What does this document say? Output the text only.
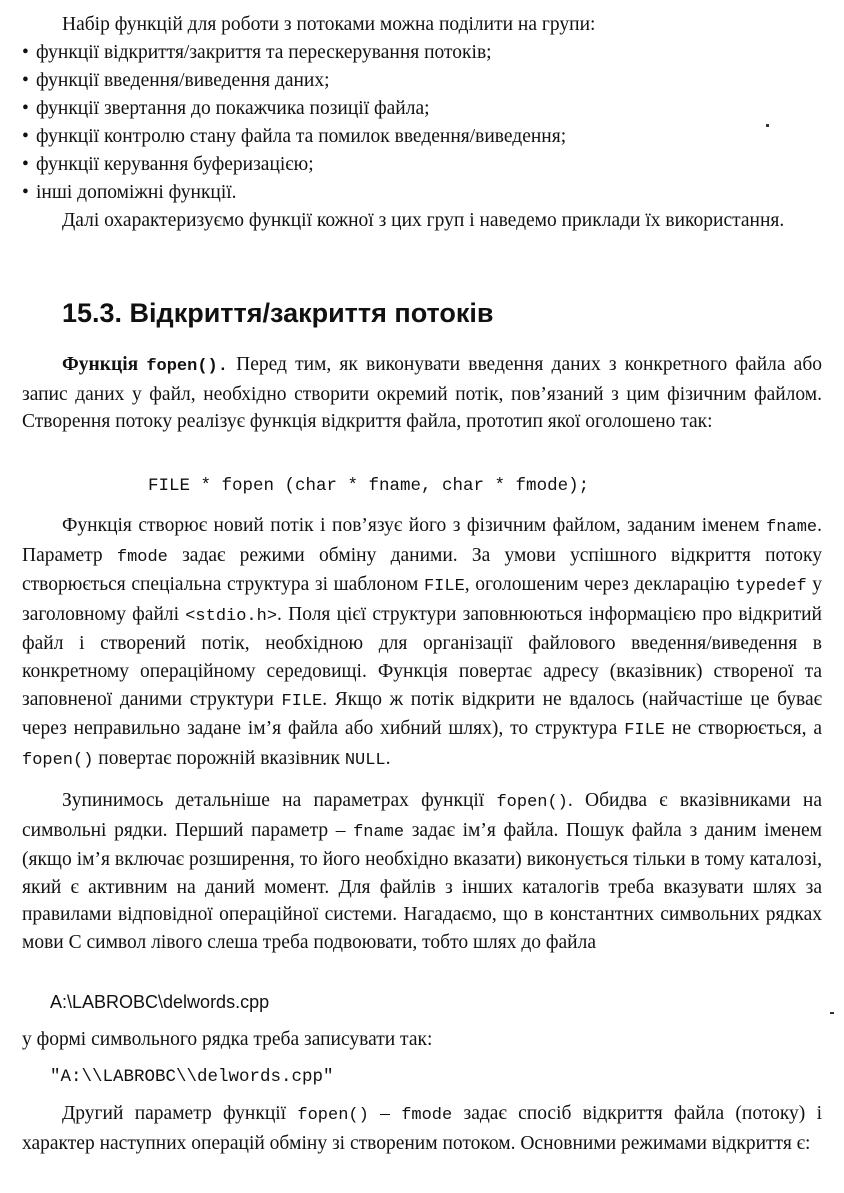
Набір функцій для роботи з потоками можна поділити на групи:
• функції відкриття/закриття та перескерування потоків;
• функції введення/виведення даних;
• функції звертання до покажчика позиції файла;
• функції контролю стану файла та помилок введення/виведення;
• функції керування буферизацією;
• інші допоміжні функції.
Далі охарактеризуємо функції кожної з цих груп і наведемо приклади їх використання.
15.3. Відкриття/закриття потоків
Функція fopen(). Перед тим, як виконувати введення даних з конкретного файла або запис даних у файл, необхідно створити окремий потік, пов’язаний з цим фізичним файлом. Створення потоку реалізує функція відкриття файла, прототип якої оголошено так:
FILE * fopen (char * fname, char * fmode);
Функція створює новий потік і пов’язує його з фізичним файлом, заданим іменем fname. Параметр fmode задає режими обміну даними. За умови успішного відкриття потоку створюється спеціальна структура зі шаблоном FILE, оголошеним через декларацію typedef у заголовному файлі <stdio.h>. Поля цієї структури заповнюються інформацією про відкритий файл і створений потік, необхідною для організації файлового введення/виведення в конкретному операційному середовищі. Функція повертає адресу (вказівник) створеної та заповненої даними структури FILE. Якщо ж потік відкрити не вдалось (найчастіше це буває через неправильно задане ім’я файла або хибний шлях), то структура FILE не створюється, а fopen() повертає порожній вказівник NULL.
Зупинимось детальніше на параметрах функції fopen(). Обидва є вказівниками на символьні рядки. Перший параметр – fname задає ім’я файла. Пошук файла з даним іменем (якщо ім’я включає розширення, то його необхідно вказати) виконується тільки в тому каталозі, який є активним на даний момент. Для файлів з інших каталогів треба вказувати шлях за правилами відповідної операційної системи. Нагадаємо, що в константних символьних рядках мови С символ лівого слеша треба подвоювати, тобто шлях до файла
A:\LABROBC\delwords.cpp
у формі символьного рядка треба записувати так:
"A:\\LABROBC\\delwords.cpp"
Другий параметр функції fopen() – fmode задає спосіб відкриття файла (потоку) і характер наступних операцій обміну зі створеним потоком. Основними режимами відкриття є:
